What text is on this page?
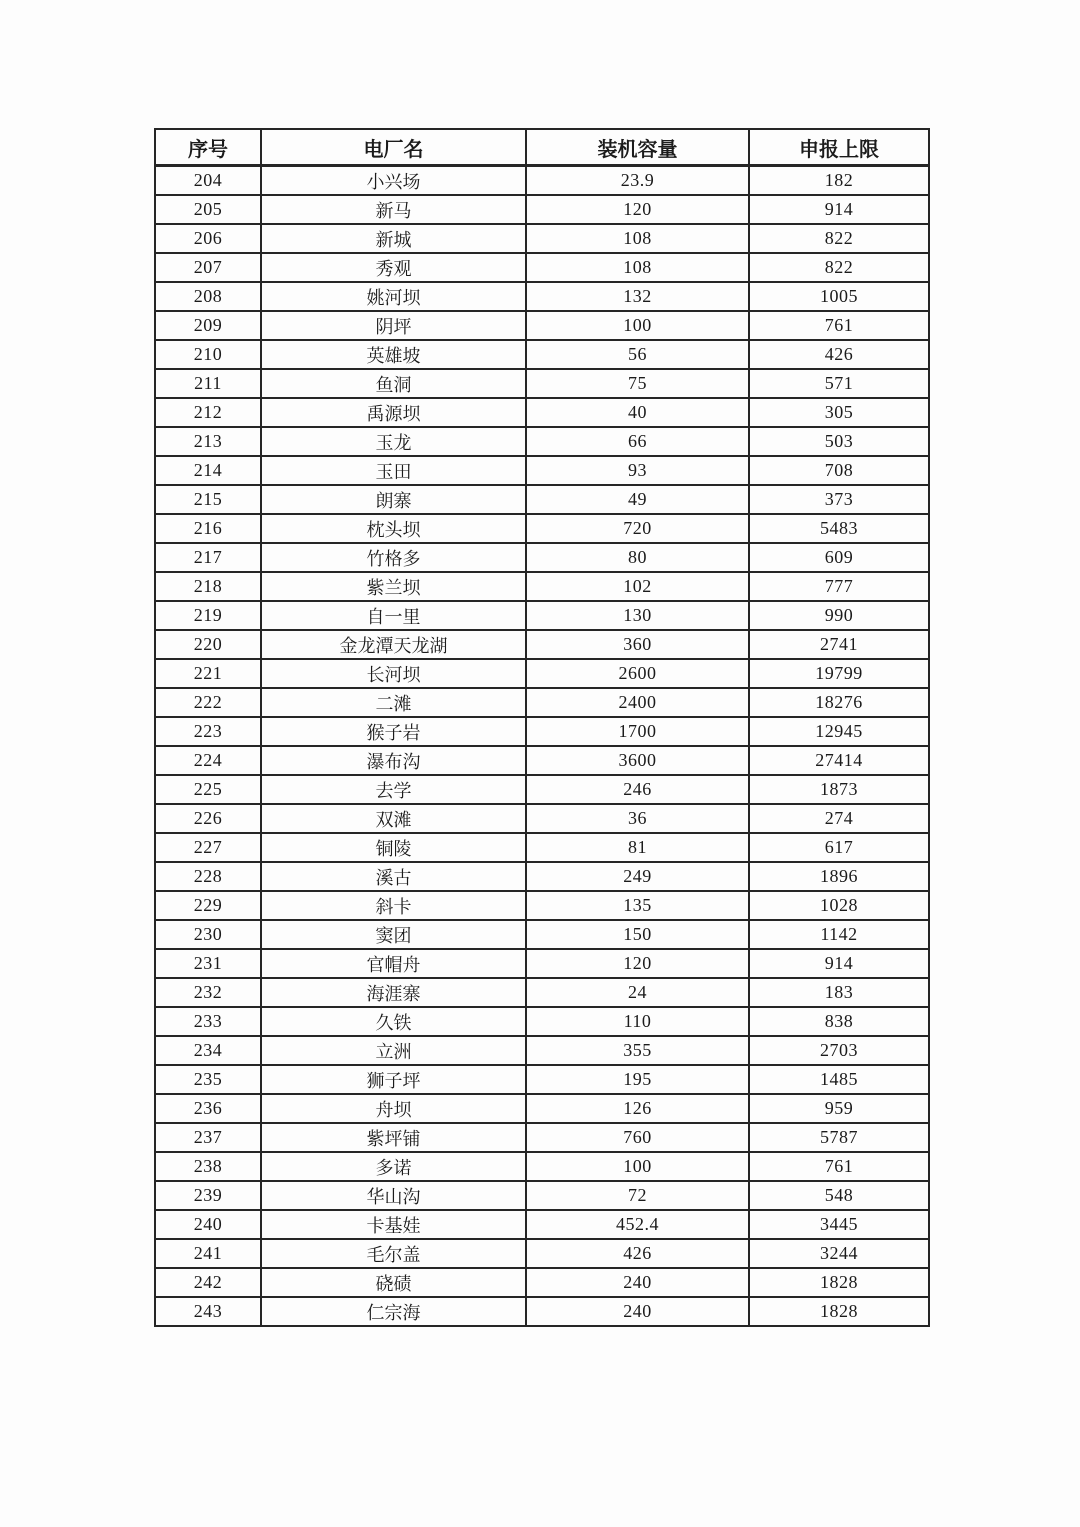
序号	电厂名	装机容量	申报上限
204	小兴场	23.9	182
205	新马	120	914
206	新城	108	822
207	秀观	108	822
208	姚河坝	132	1005
209	阴坪	100	761
210	英雄坡	56	426
211	鱼洞	75	571
212	禹源坝	40	305
213	玉龙	66	503
214	玉田	93	708
215	朗寨	49	373
216	枕头坝	720	5483
217	竹格多	80	609
218	紫兰坝	102	777
219	自一里	130	990
220	金龙潭天龙湖	360	2741
221	长河坝	2600	19799
222	二滩	2400	18276
223	猴子岩	1700	12945
224	瀑布沟	3600	27414
225	去学	246	1873
226	双滩	36	274
227	铜陵	81	617
228	溪古	249	1896
229	斜卡	135	1028
230	窦团	150	1142
231	官帽舟	120	914
232	海涯寨	24	183
233	久铁	110	838
234	立洲	355	2703
235	狮子坪	195	1485
236	舟坝	126	959
237	紫坪铺	760	5787
238	多诺	100	761
239	华山沟	72	548
240	卡基娃	452.4	3445
241	毛尔盖	426	3244
242	硗碛	240	1828
243	仁宗海	240	1828
